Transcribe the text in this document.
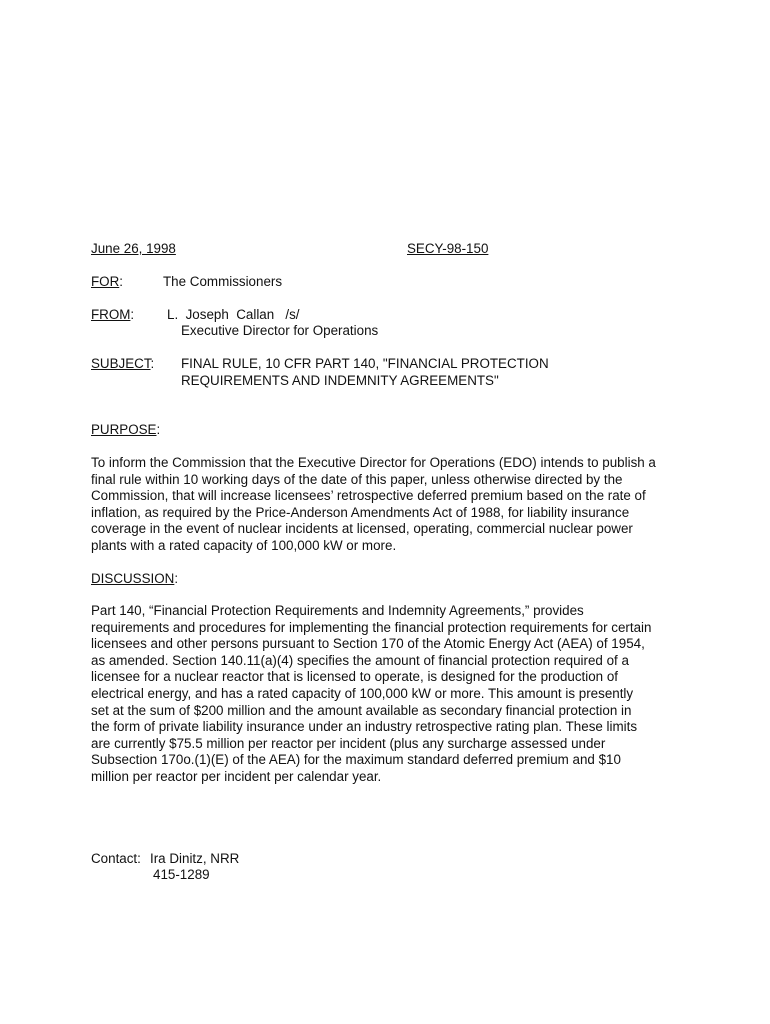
June 26, 1998	SECY-98-150
FOR:	The Commissioners
FROM: L.  Joseph  Callan   /s/
Executive Director for Operations
SUBJECT: FINAL RULE, 10 CFR PART 140, "FINANCIAL PROTECTION
REQUIREMENTS AND INDEMNITY AGREEMENTS"
PURPOSE:
To inform the Commission that the Executive Director for Operations (EDO) intends to publish a
final rule within 10 working days of the date of this paper, unless otherwise directed by the
Commission, that will increase licensees’ retrospective deferred premium based on the rate of
inflation, as required by the Price-Anderson Amendments Act of 1988, for liability insurance
coverage in the event of nuclear incidents at licensed, operating, commercial nuclear power
plants with a rated capacity of 100,000 kW or more.
DISCUSSION:
Part 140, “Financial Protection Requirements and Indemnity Agreements,” provides
requirements and procedures for implementing the financial protection requirements for certain
licensees and other persons pursuant to Section 170 of the Atomic Energy Act (AEA) of 1954,
as amended. Section 140.11(a)(4) specifies the amount of financial protection required of a
licensee for a nuclear reactor that is licensed to operate, is designed for the production of
electrical energy, and has a rated capacity of 100,000 kW or more. This amount is presently
set at the sum of $200 million and the amount available as secondary financial protection in
the form of private liability insurance under an industry retrospective rating plan. These limits
are currently $75.5 million per reactor per incident (plus any surcharge assessed under
Subsection 170o.(1)(E) of the AEA) for the maximum standard deferred premium and $10
million per reactor per incident per calendar year.
Contact: Ira Dinitz, NRR
415-1289
